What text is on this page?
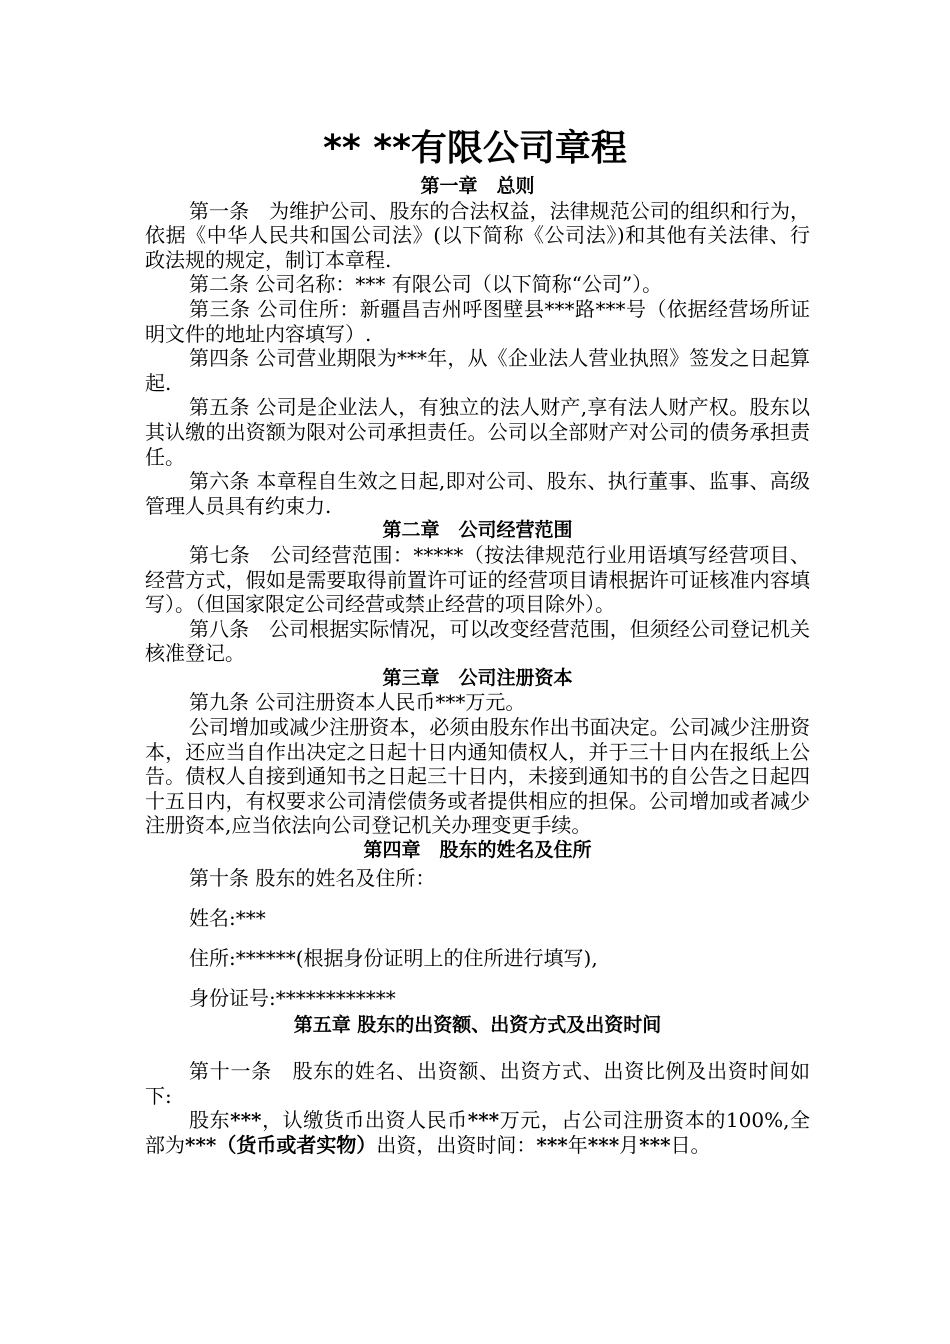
** **有限公司章程

第一章　总则

第一条　为维护公司、股东的合法权益，法律规范公司的组织和行为，依据《中华人民共和国公司法》(以下简称《公司法》)和其他有关法律、行政法规的规定，制订本章程.

第二条 公司名称：*** 有限公司（以下简称“公司”）。

第三条 公司住所：新疆昌吉州呼图壁县***路***号（依据经营场所证明文件的地址内容填写）.

第四条 公司营业期限为***年，从《企业法人营业执照》签发之日起算起.

第五条 公司是企业法人，有独立的法人财产,享有法人财产权。股东以其认缴的出资额为限对公司承担责任。公司以全部财产对公司的债务承担责任。

第六条 本章程自生效之日起,即对公司、股东、执行董事、监事、高级管理人员具有约束力.

第二章　公司经营范围

第七条　公司经营范围：*****（按法律规范行业用语填写经营项目、经营方式，假如是需要取得前置许可证的经营项目请根据许可证核准内容填写）。（但国家限定公司经营或禁止经营的项目除外）。

第八条　公司根据实际情况，可以改变经营范围，但须经公司登记机关核准登记。

第三章　公司注册资本

第九条 公司注册资本人民币***万元。

公司增加或减少注册资本，必须由股东作出书面决定。公司减少注册资本，还应当自作出决定之日起十日内通知债权人，并于三十日内在报纸上公告。债权人自接到通知书之日起三十日内，未接到通知书的自公告之日起四十五日内，有权要求公司清偿债务或者提供相应的担保。公司增加或者减少注册资本,应当依法向公司登记机关办理变更手续。

第四章　股东的姓名及住所

第十条 股东的姓名及住所：

姓名:***

住所:******(根据身份证明上的住所进行填写),

身份证号:************

第五章 股东的出资额、出资方式及出资时间

第十一条　股东的姓名、出资额、出资方式、出资比例及出资时间如下:

股东***，认缴货币出资人民币***万元，占公司注册资本的100%,全部为***（货币或者实物）出资，出资时间：***年***月***日。
